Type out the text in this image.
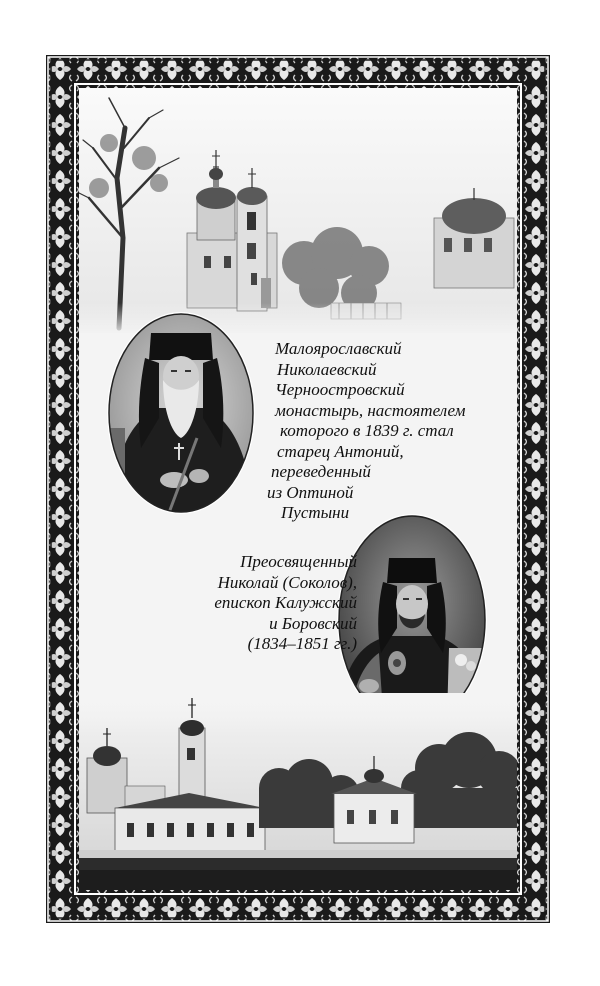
Малоярославский
Николаевский
Черноостровский
монастырь, настоятелем
которого в 1839 г. стал
старец Антоний,
переведенный
из Оптиной
Пустыни

Преосвященный
Николай (Соколов),
епископ Калужский
и Боровский
(1834–1851 гг.)
